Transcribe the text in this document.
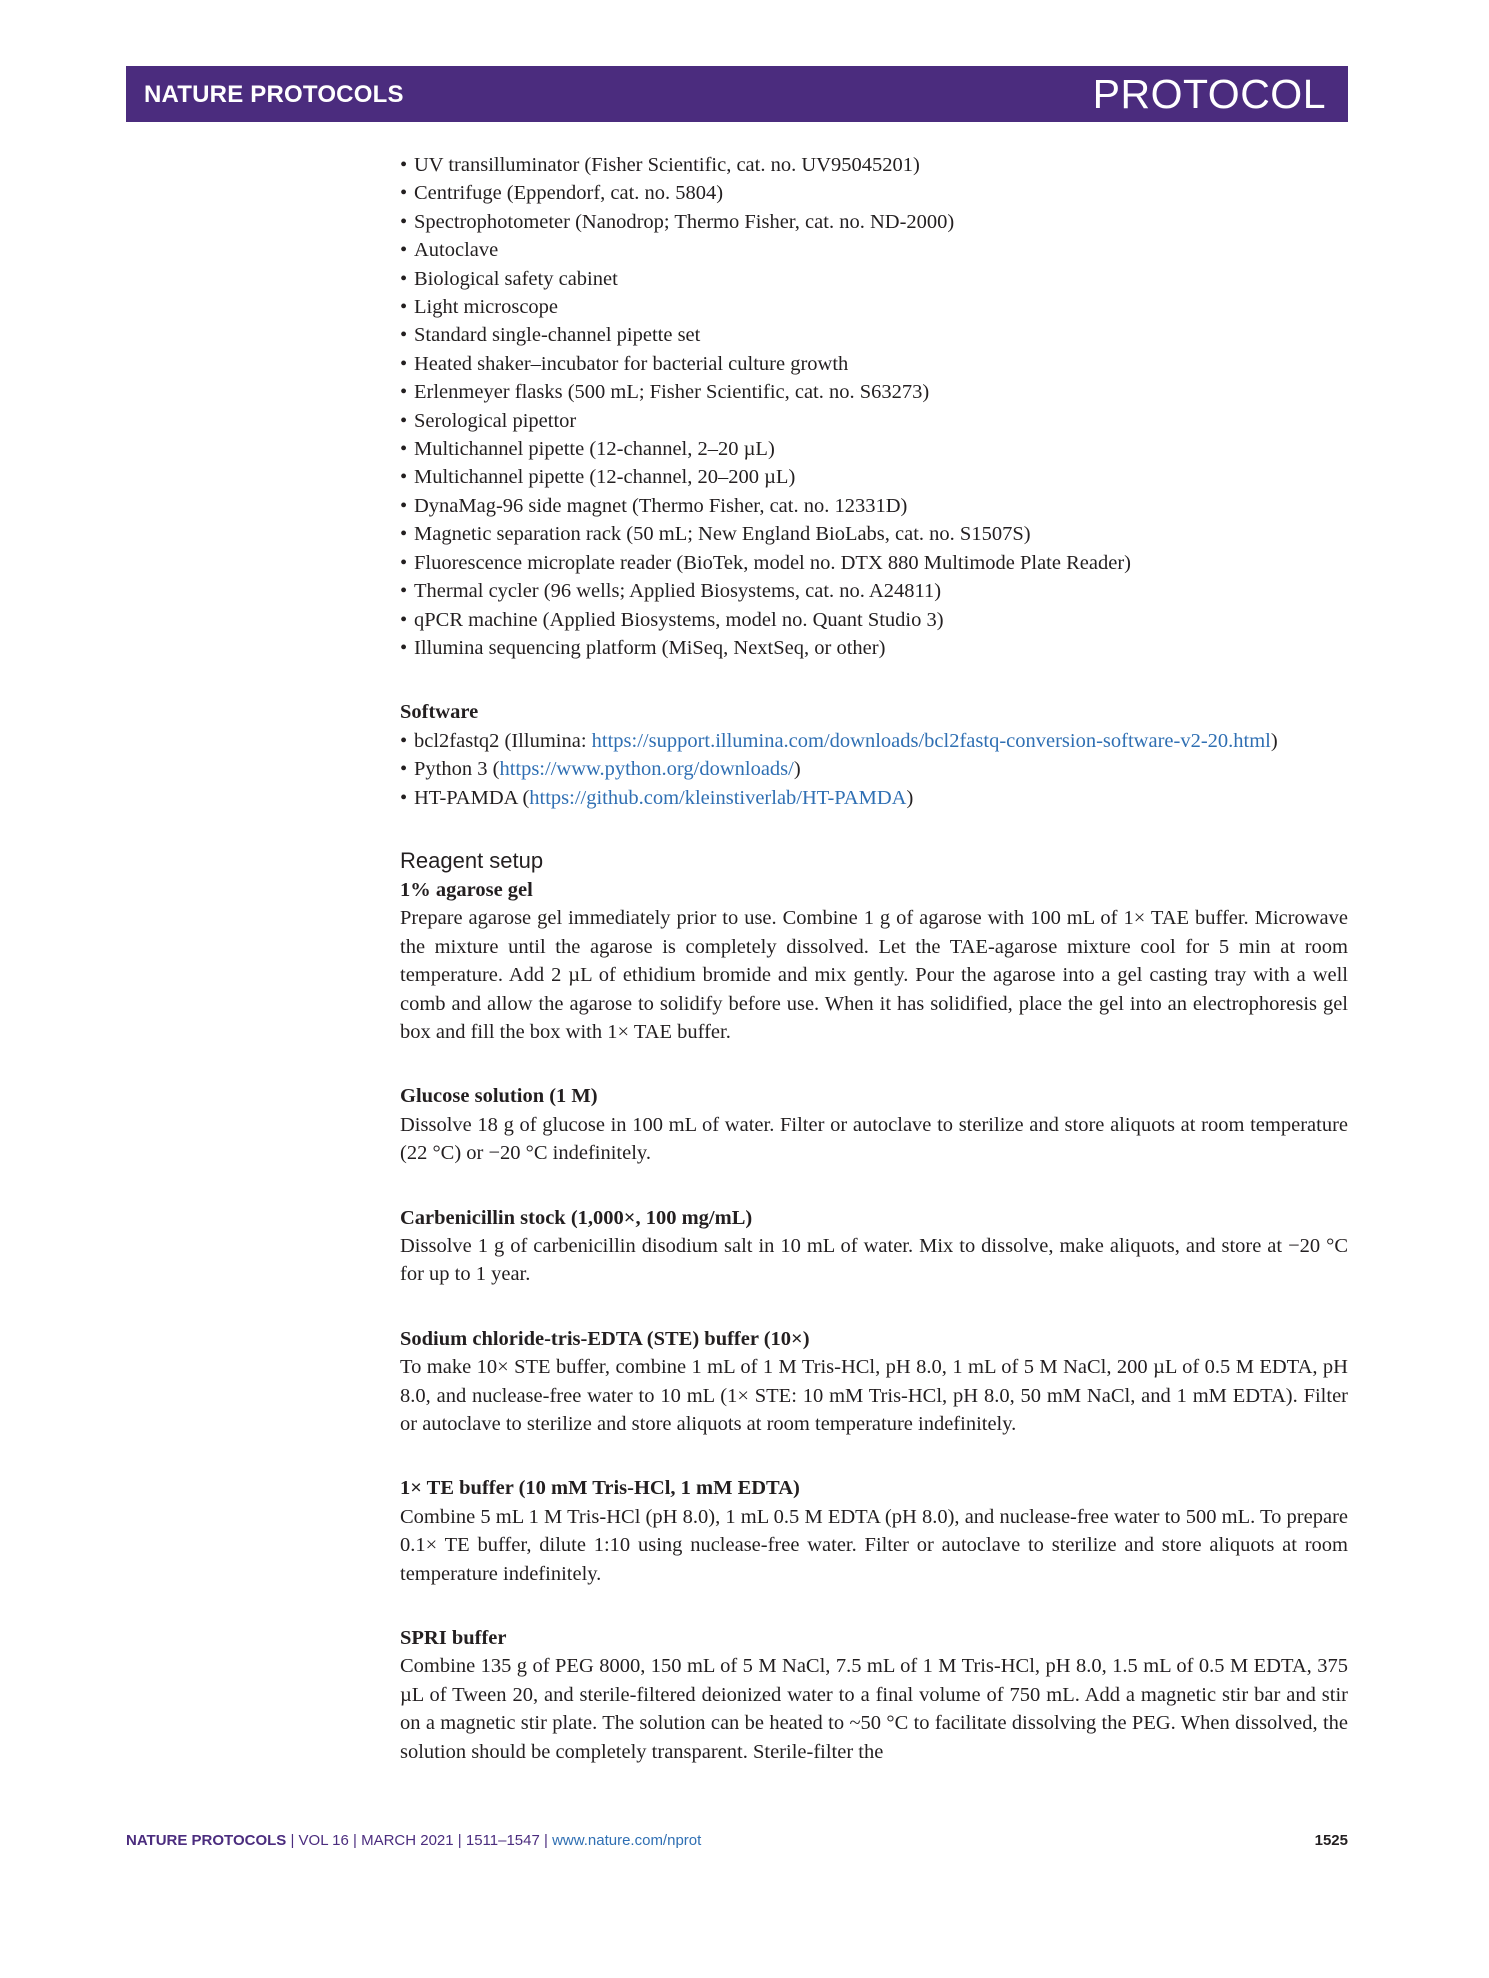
NATURE PROTOCOLS	PROTOCOL
• UV transilluminator (Fisher Scientific, cat. no. UV95045201)
• Centrifuge (Eppendorf, cat. no. 5804)
• Spectrophotometer (Nanodrop; Thermo Fisher, cat. no. ND-2000)
• Autoclave
• Biological safety cabinet
• Light microscope
• Standard single-channel pipette set
• Heated shaker–incubator for bacterial culture growth
• Erlenmeyer flasks (500 mL; Fisher Scientific, cat. no. S63273)
• Serological pipettor
• Multichannel pipette (12-channel, 2–20 µL)
• Multichannel pipette (12-channel, 20–200 µL)
• DynaMag-96 side magnet (Thermo Fisher, cat. no. 12331D)
• Magnetic separation rack (50 mL; New England BioLabs, cat. no. S1507S)
• Fluorescence microplate reader (BioTek, model no. DTX 880 Multimode Plate Reader)
• Thermal cycler (96 wells; Applied Biosystems, cat. no. A24811)
• qPCR machine (Applied Biosystems, model no. Quant Studio 3)
• Illumina sequencing platform (MiSeq, NextSeq, or other)
Software
• bcl2fastq2 (Illumina: https://support.illumina.com/downloads/bcl2fastq-conversion-software-v2-20.html)
• Python 3 (https://www.python.org/downloads/)
• HT-PAMDA (https://github.com/kleinstiverlab/HT-PAMDA)
Reagent setup
1% agarose gel

Prepare agarose gel immediately prior to use. Combine 1 g of agarose with 100 mL of 1× TAE buffer. Microwave the mixture until the agarose is completely dissolved. Let the TAE-agarose mixture cool for 5 min at room temperature. Add 2 µL of ethidium bromide and mix gently. Pour the agarose into a gel casting tray with a well comb and allow the agarose to solidify before use. When it has solidified, place the gel into an electrophoresis gel box and fill the box with 1× TAE buffer.

Glucose solution (1 M)

Dissolve 18 g of glucose in 100 mL of water. Filter or autoclave to sterilize and store aliquots at room temperature (22 °C) or −20 °C indefinitely.

Carbenicillin stock (1,000×, 100 mg/mL)

Dissolve 1 g of carbenicillin disodium salt in 10 mL of water. Mix to dissolve, make aliquots, and store at −20 °C for up to 1 year.

Sodium chloride-tris-EDTA (STE) buffer (10×)

To make 10× STE buffer, combine 1 mL of 1 M Tris-HCl, pH 8.0, 1 mL of 5 M NaCl, 200 µL of 0.5 M EDTA, pH 8.0, and nuclease-free water to 10 mL (1× STE: 10 mM Tris-HCl, pH 8.0, 50 mM NaCl, and 1 mM EDTA). Filter or autoclave to sterilize and store aliquots at room temperature indefinitely.

1× TE buffer (10 mM Tris-HCl, 1 mM EDTA)

Combine 5 mL 1 M Tris-HCl (pH 8.0), 1 mL 0.5 M EDTA (pH 8.0), and nuclease-free water to 500 mL. To prepare 0.1× TE buffer, dilute 1:10 using nuclease-free water. Filter or autoclave to sterilize and store aliquots at room temperature indefinitely.

SPRI buffer

Combine 135 g of PEG 8000, 150 mL of 5 M NaCl, 7.5 mL of 1 M Tris-HCl, pH 8.0, 1.5 mL of 0.5 M EDTA, 375 µL of Tween 20, and sterile-filtered deionized water to a final volume of 750 mL. Add a magnetic stir bar and stir on a magnetic stir plate. The solution can be heated to ~50 °C to facilitate dissolving the PEG. When dissolved, the solution should be completely transparent. Sterile-filter the

NATURE PROTOCOLS | VOL 16 | MARCH 2021 | 1511–1547 | www.nature.com/nprot	1525
